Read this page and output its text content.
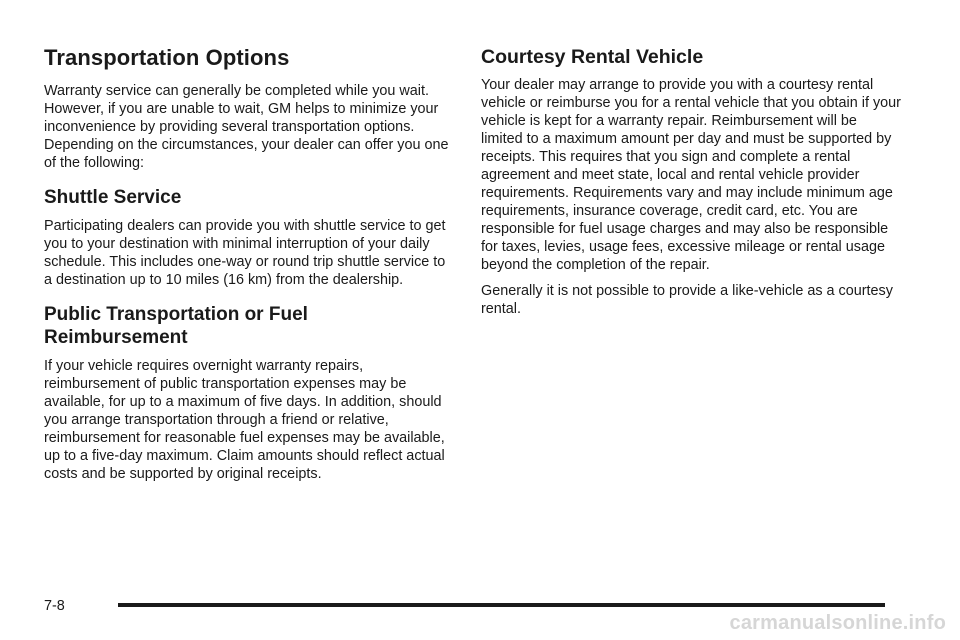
Transportation Options

Warranty service can generally be completed while you wait. However, if you are unable to wait, GM helps to minimize your inconvenience by providing several transportation options. Depending on the circumstances, your dealer can offer you one of the following:

Shuttle Service

Participating dealers can provide you with shuttle service to get you to your destination with minimal interruption of your daily schedule. This includes one-way or round trip shuttle service to a destination up to 10 miles (16 km) from the dealership.

Public Transportation or Fuel Reimbursement

If your vehicle requires overnight warranty repairs, reimbursement of public transportation expenses may be available, for up to a maximum of five days. In addition, should you arrange transportation through a friend or relative, reimbursement for reasonable fuel expenses may be available, up to a five-day maximum. Claim amounts should reflect actual costs and be supported by original receipts.

Courtesy Rental Vehicle

Your dealer may arrange to provide you with a courtesy rental vehicle or reimburse you for a rental vehicle that you obtain if your vehicle is kept for a warranty repair. Reimbursement will be limited to a maximum amount per day and must be supported by receipts. This requires that you sign and complete a rental agreement and meet state, local and rental vehicle provider requirements. Requirements vary and may include minimum age requirements, insurance coverage, credit card, etc. You are responsible for fuel usage charges and may also be responsible for taxes, levies, usage fees, excessive mileage or rental usage beyond the completion of the repair.

Generally it is not possible to provide a like-vehicle as a courtesy rental.

7-8
carmanualsonline.info
